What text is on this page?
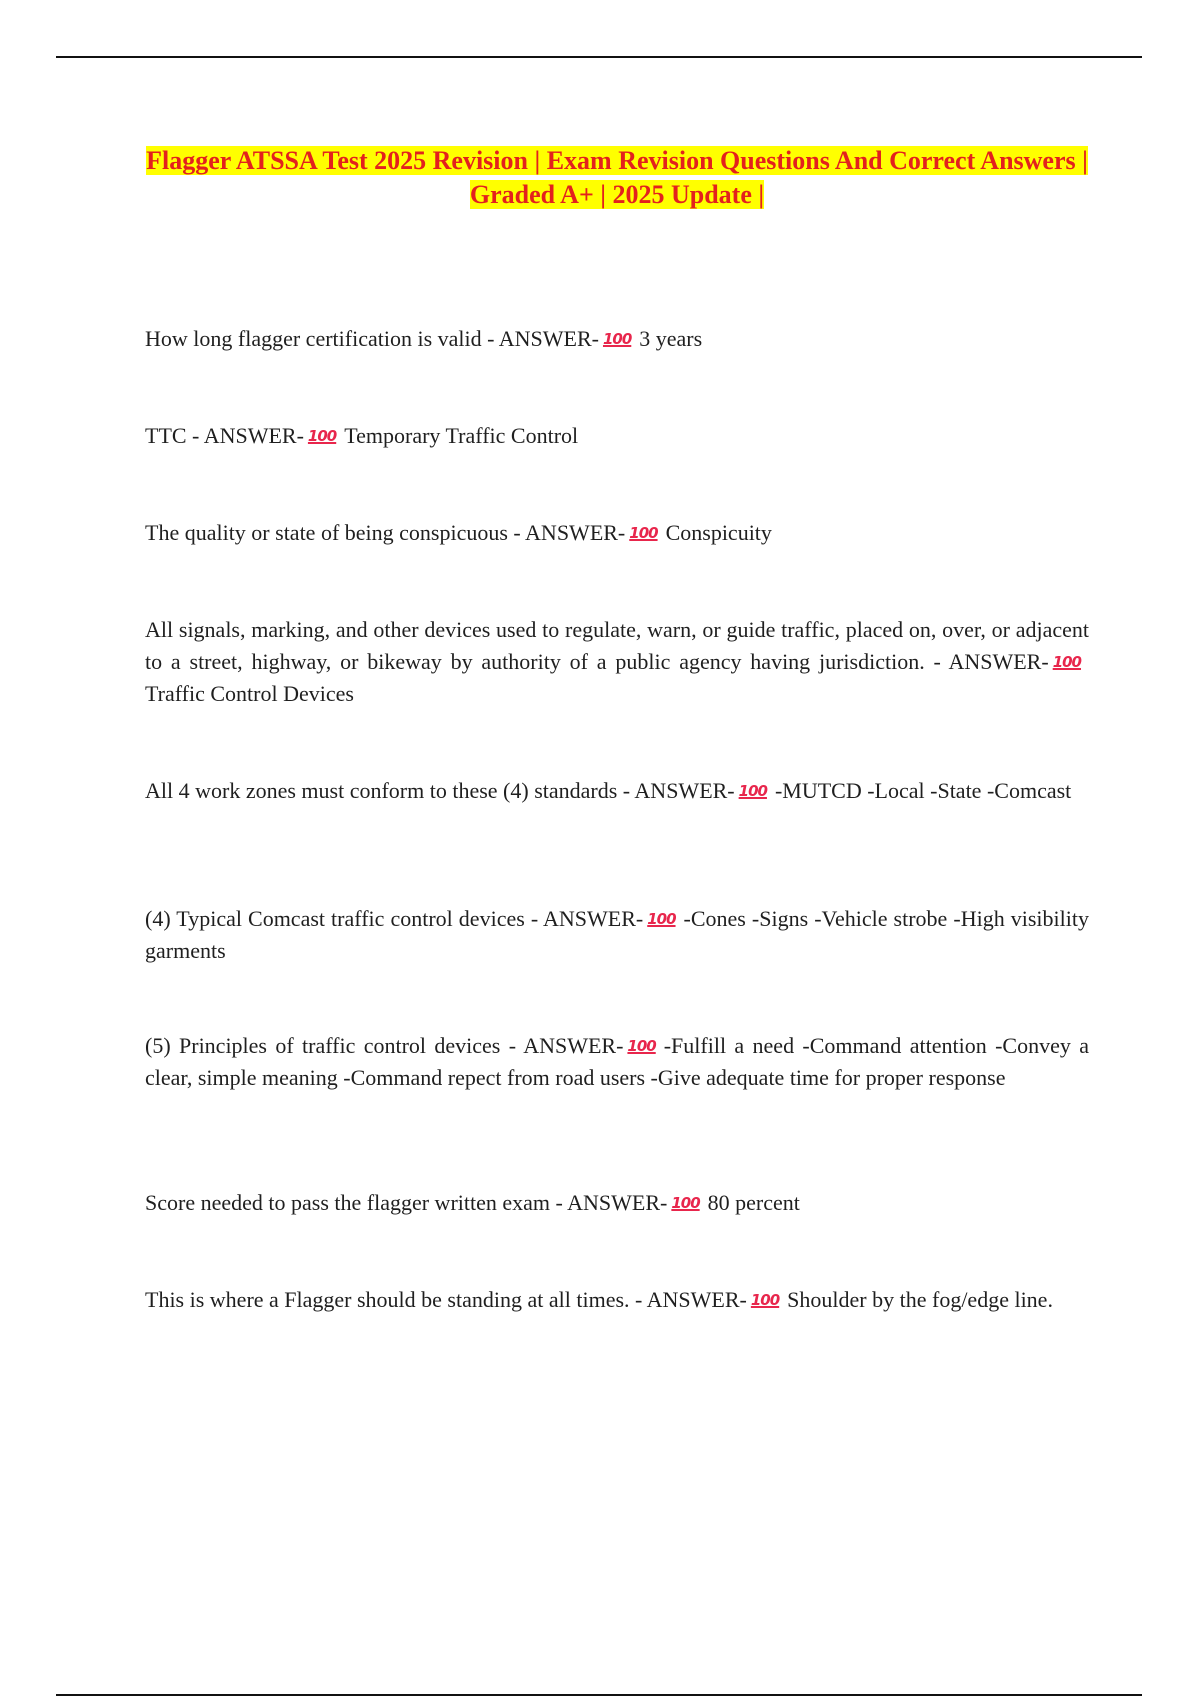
Flagger ATSSA Test 2025 Revision | Exam Revision Questions And Correct Answers | Graded A+ | 2025 Update |
How long flagger certification is valid - ANSWER- 100 3 years
TTC - ANSWER- 100 Temporary Traffic Control
The quality or state of being conspicuous - ANSWER- 100 Conspicuity
All signals, marking, and other devices used to regulate, warn, or guide traffic, placed on, over, or adjacent to a street, highway, or bikeway by authority of a public agency having jurisdiction. - ANSWER- 100Traffic Control Devices
All 4 work zones must conform to these (4) standards - ANSWER- 100 -MUTCD -Local -State -Comcast
(4) Typical Comcast traffic control devices - ANSWER- 100 -Cones -Signs -Vehicle strobe -High visibility garments
(5) Principles of traffic control devices - ANSWER- 100 -Fulfill a need -Command attention -Convey a clear, simple meaning -Command repect from road users -Give adequate time for proper response
Score needed to pass the flagger written exam - ANSWER- 100 80 percent
This is where a Flagger should be standing at all times. - ANSWER- 100 Shoulder by the fog/edge line.
